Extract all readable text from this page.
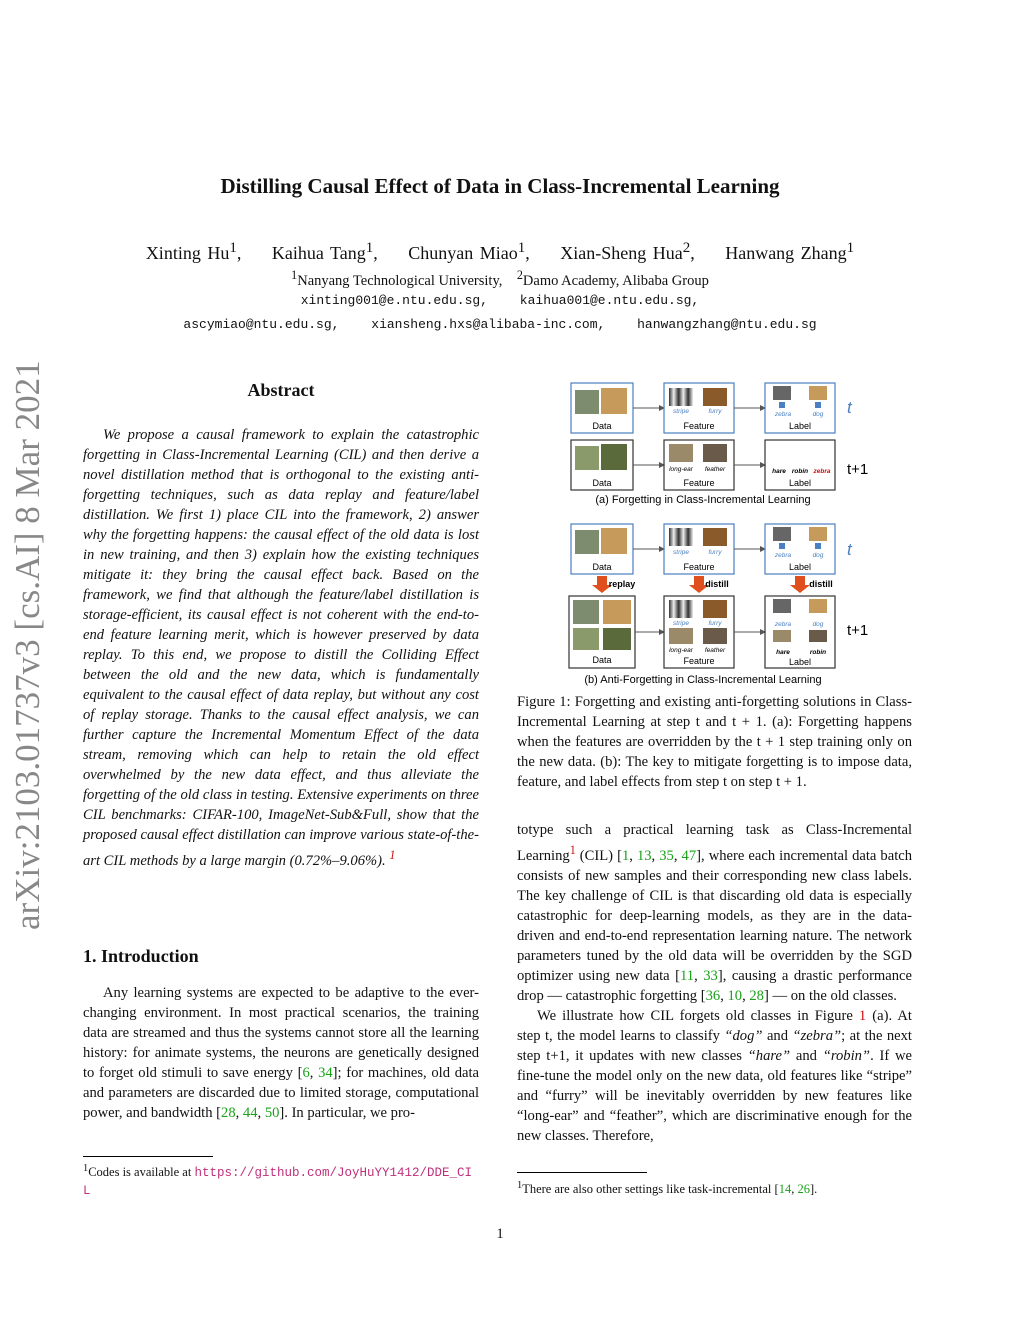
Distilling Causal Effect of Data in Class-Incremental Learning
Xinting Hu$^1$, Kaihua Tang$^1$, Chunyan Miao$^1$, Xian-Sheng Hua$^2$, Hanwang Zhang$^1$
$^1$Nanyang Technological University, $^2$Damo Academy, Alibaba Group
xinting001@e.ntu.edu.sg, kaihua001@e.ntu.edu.sg,
ascymiao@ntu.edu.sg, xiansheng.hxs@alibaba-inc.com, hanwangzhang@ntu.edu.sg
arXiv:2103.01737v3 [cs.AI] 8 Mar 2021	Abstract
We propose a causal framework to explain the catastrophic forgetting in Class-Incremental Learning (CIL) and then derive a novel distillation method that is orthogonal to the existing anti-forgetting techniques, such as data replay and feature/label distillation. We first 1) place CIL into the framework, 2) answer why the forgetting happens: the causal effect of the old data is lost in new training, and then 3) explain how the existing techniques mitigate it: they bring the causal effect back. Based on the framework, we find that although the feature/label distillation is storage-efficient, its causal effect is not coherent with the end-to-end feature learning merit, which is however preserved by data replay. To this end, we propose to distill the Colliding Effect between the old and the new data, which is fundamentally equivalent to the causal effect of data replay, but without any cost of replay storage. Thanks to the causal effect analysis, we can further capture the Incremental Momentum Effect of the data stream, removing which can help to retain the old effect overwhelmed by the new data effect, and thus alleviate the forgetting of the old class in testing. Extensive experiments on three CIL benchmarks: CIFAR-100, ImageNet-Sub&Full, show that the proposed causal effect distillation can improve various state-of-the-art CIL methods by a large margin (0.72%–9.06%). $^1$
1. Introduction
Any learning systems are expected to be adaptive to the ever-changing environment. In most practical scenarios, the training data are streamed and thus the systems cannot store all the learning history: for animate systems, the neurons are genetically designed to forget old stimuli to save energy [6, 34]; for machines, old data and parameters are discarded due to limited storage, computational power, and bandwidth [28, 44, 50]. In particular, we pro-
$^1$Codes is available at https://github.com/JoyHuYY1412/DDE_CIL
Data
stripe	furry
Feature
zebra	dog
Label
t
Data
long-ear feather
Feature
hare robin zebra
Label
t+1
(a) Forgetting in Class-Incremental Learning
Data
stripe	furry
Feature
zebra	dog
Label
t
replay	distill	distill
Data
stripe	furry
long-ear feather
Feature
zebra	dog
hare	robin
Label
t+1
(b) Anti-Forgetting in Class-Incremental Learning
Figure 1: Forgetting and existing anti-forgetting solutions in Class-Incremental Learning at step t and t + 1. (a): Forgetting happens when the features are overridden by the t + 1 step training only on the new data. (b): The key to mitigate forgetting is to impose data, feature, and label effects from step t on step t + 1.

totype such a practical learning task as Class-Incremental Learning$^1$ (CIL) [1, 13, 35, 47], where each incremental data batch consists of new samples and their corresponding new class labels. The key challenge of CIL is that discarding old data is especially catastrophic for deep-learning models, as they are in the data-driven and end-to-end representation learning nature. The network parameters tuned by the old data will be overridden by the SGD optimizer using new data [11, 33], causing a drastic performance drop — catastrophic forgetting [36, 10, 28] — on the old classes.

We illustrate how CIL forgets old classes in Figure 1 (a). At step t, the model learns to classify “dog” and “zebra”; at the next step t+1, it updates with new classes “hare” and “robin”. If we fine-tune the model only on the new data, old features like “stripe” and “furry” will be inevitably overridden by new features like “long-ear” and “feather”, which are discriminative enough for the new classes. Therefore,

$^1$There are also other settings like task-incremental [14, 26].
1
